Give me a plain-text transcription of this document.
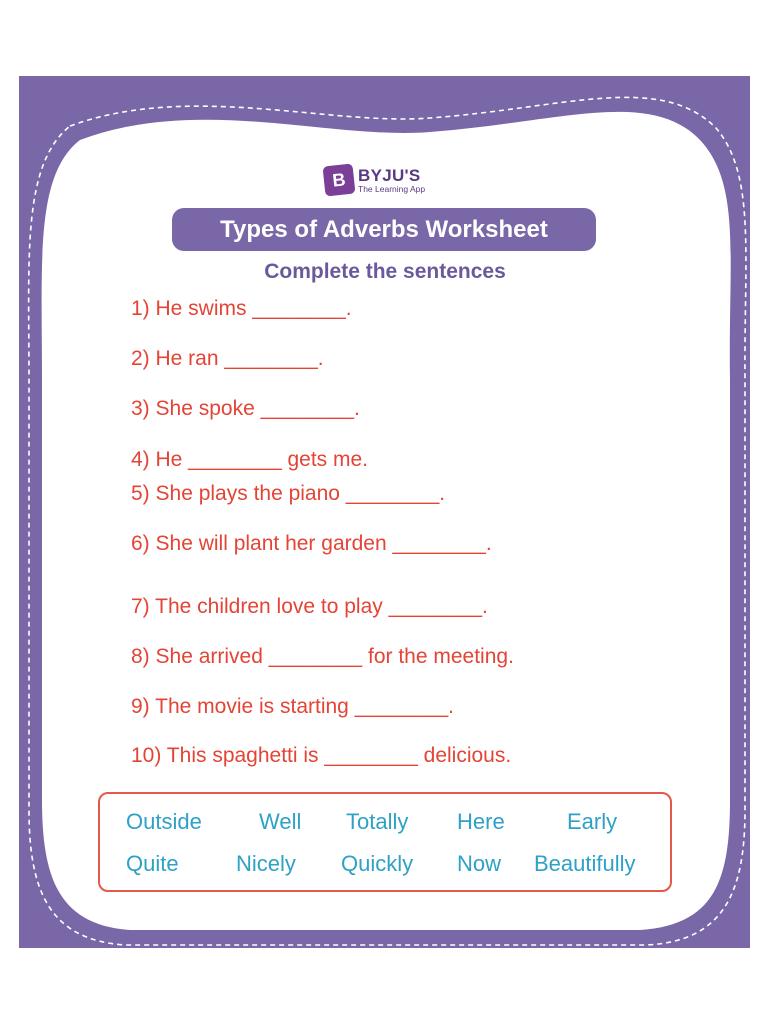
B BYJU'S
The Learning App
Types of Adverbs Worksheet
Complete the sentences
1) He swims ________.
2) He ran ________.
3) She spoke ________.
4) He ________ gets me.
5) She plays the piano ________.
6) She will plant her garden ________.
7) The children love to play ________.
8) She arrived ________ for the meeting.
9) The movie is starting ________.
10) This spaghetti is ________ delicious.
Outside	Well Totally Here	Early
Quite	Nicely Quickly Now Beautifully
